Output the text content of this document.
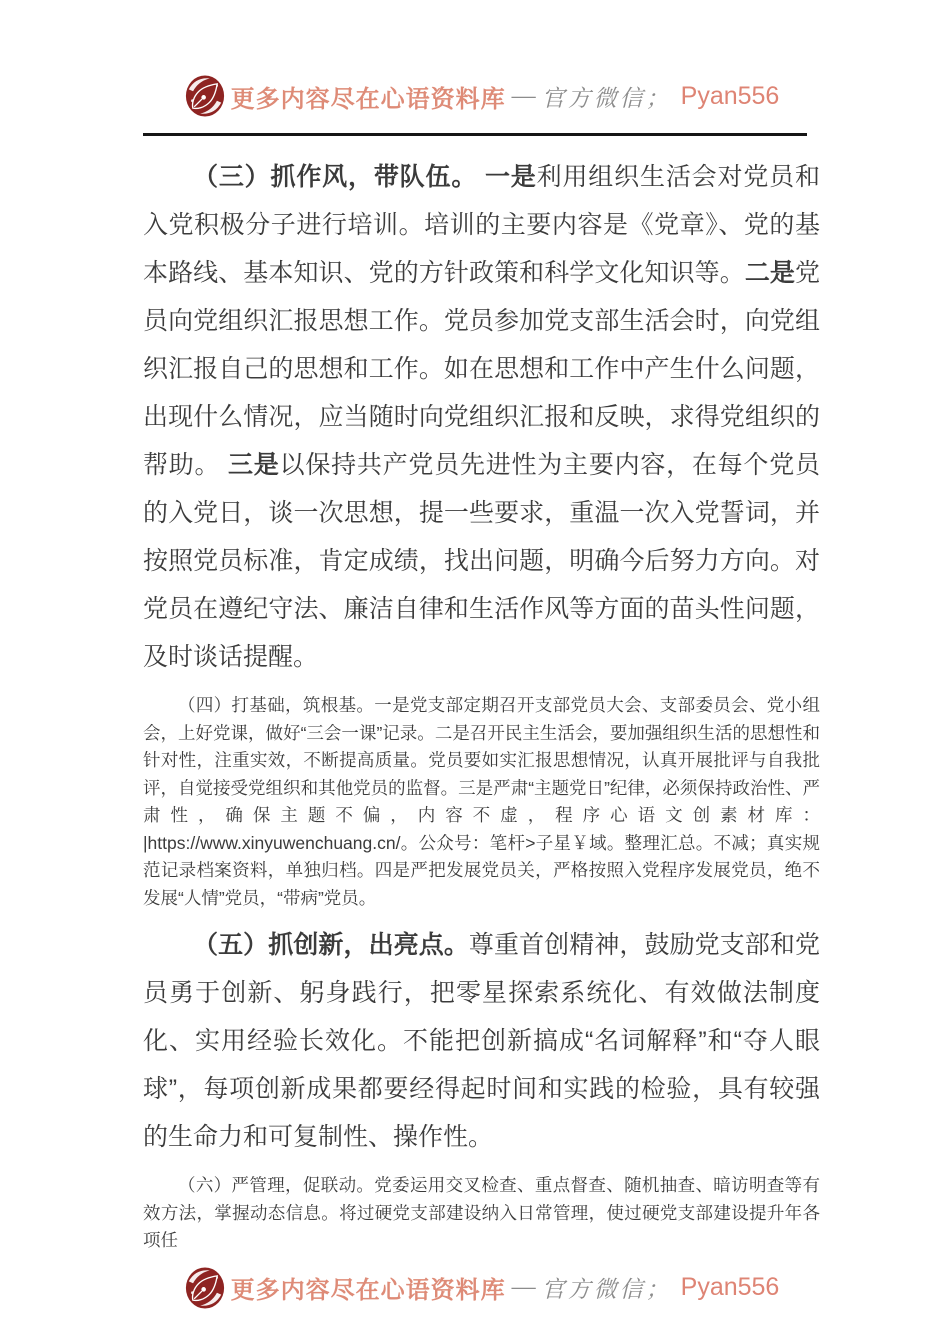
更多内容尽在心语资料库 — 官方微信； Pyan556

（三）抓作风，带队伍。 一是利用组织生活会对党员和入党积极分子进行培训。培训的主要内容是《党章》、党的基本路线、基本知识、党的方针政策和科学文化知识等。二是党员向党组织汇报思想工作。党员参加党支部生活会时，向党组织汇报自己的思想和工作。如在思想和工作中产生什么问题，出现什么情况，应当随时向党组织汇报和反映，求得党组织的帮助。 三是以保持共产党员先进性为主要内容，在每个党员的入党日，谈一次思想，提一些要求，重温一次入党誓词，并按照党员标准，肯定成绩，找出问题，明确今后努力方向。对党员在遵纪守法、廉洁自律和生活作风等方面的苗头性问题，及时谈话提醒。

（四）打基础，筑根基。一是党支部定期召开支部党员大会、支部委员会、党小组会，上好党课，做好“三会一课”记录。二是召开民主生活会，要加强组织生活的思想性和针对性，注重实效，不断提高质量。党员要如实汇报思想情况，认真开展批评与自我批评，自觉接受党组织和其他党员的监督。三是严肃“主题党日”纪律，必须保持政治性、严肃性，确保主题不偏，内容不虚，程序心语文创素材库： |https://www.xinyuwenchuang.cn/。公众号：笔杆>子星￥域。整理汇总。不减；真实规范记录档案资料，单独归档。四是严把发展党员关，严格按照入党程序发展党员，绝不发展“人情”党员，“带病”党员。

（五）抓创新，出亮点。尊重首创精神，鼓励党支部和党员勇于创新、躬身践行，把零星探索系统化、有效做法制度化、实用经验长效化。不能把创新搞成“名词解释”和“夺人眼球”，每项创新成果都要经得起时间和实践的检验，具有较强的生命力和可复制性、操作性。

（六）严管理，促联动。党委运用交叉检查、重点督查、随机抽查、暗访明查等有效方法，掌握动态信息。将过硬党支部建设纳入日常管理，使过硬党支部建设提升年各项任

更多内容尽在心语资料库 — 官方微信； Pyan556
